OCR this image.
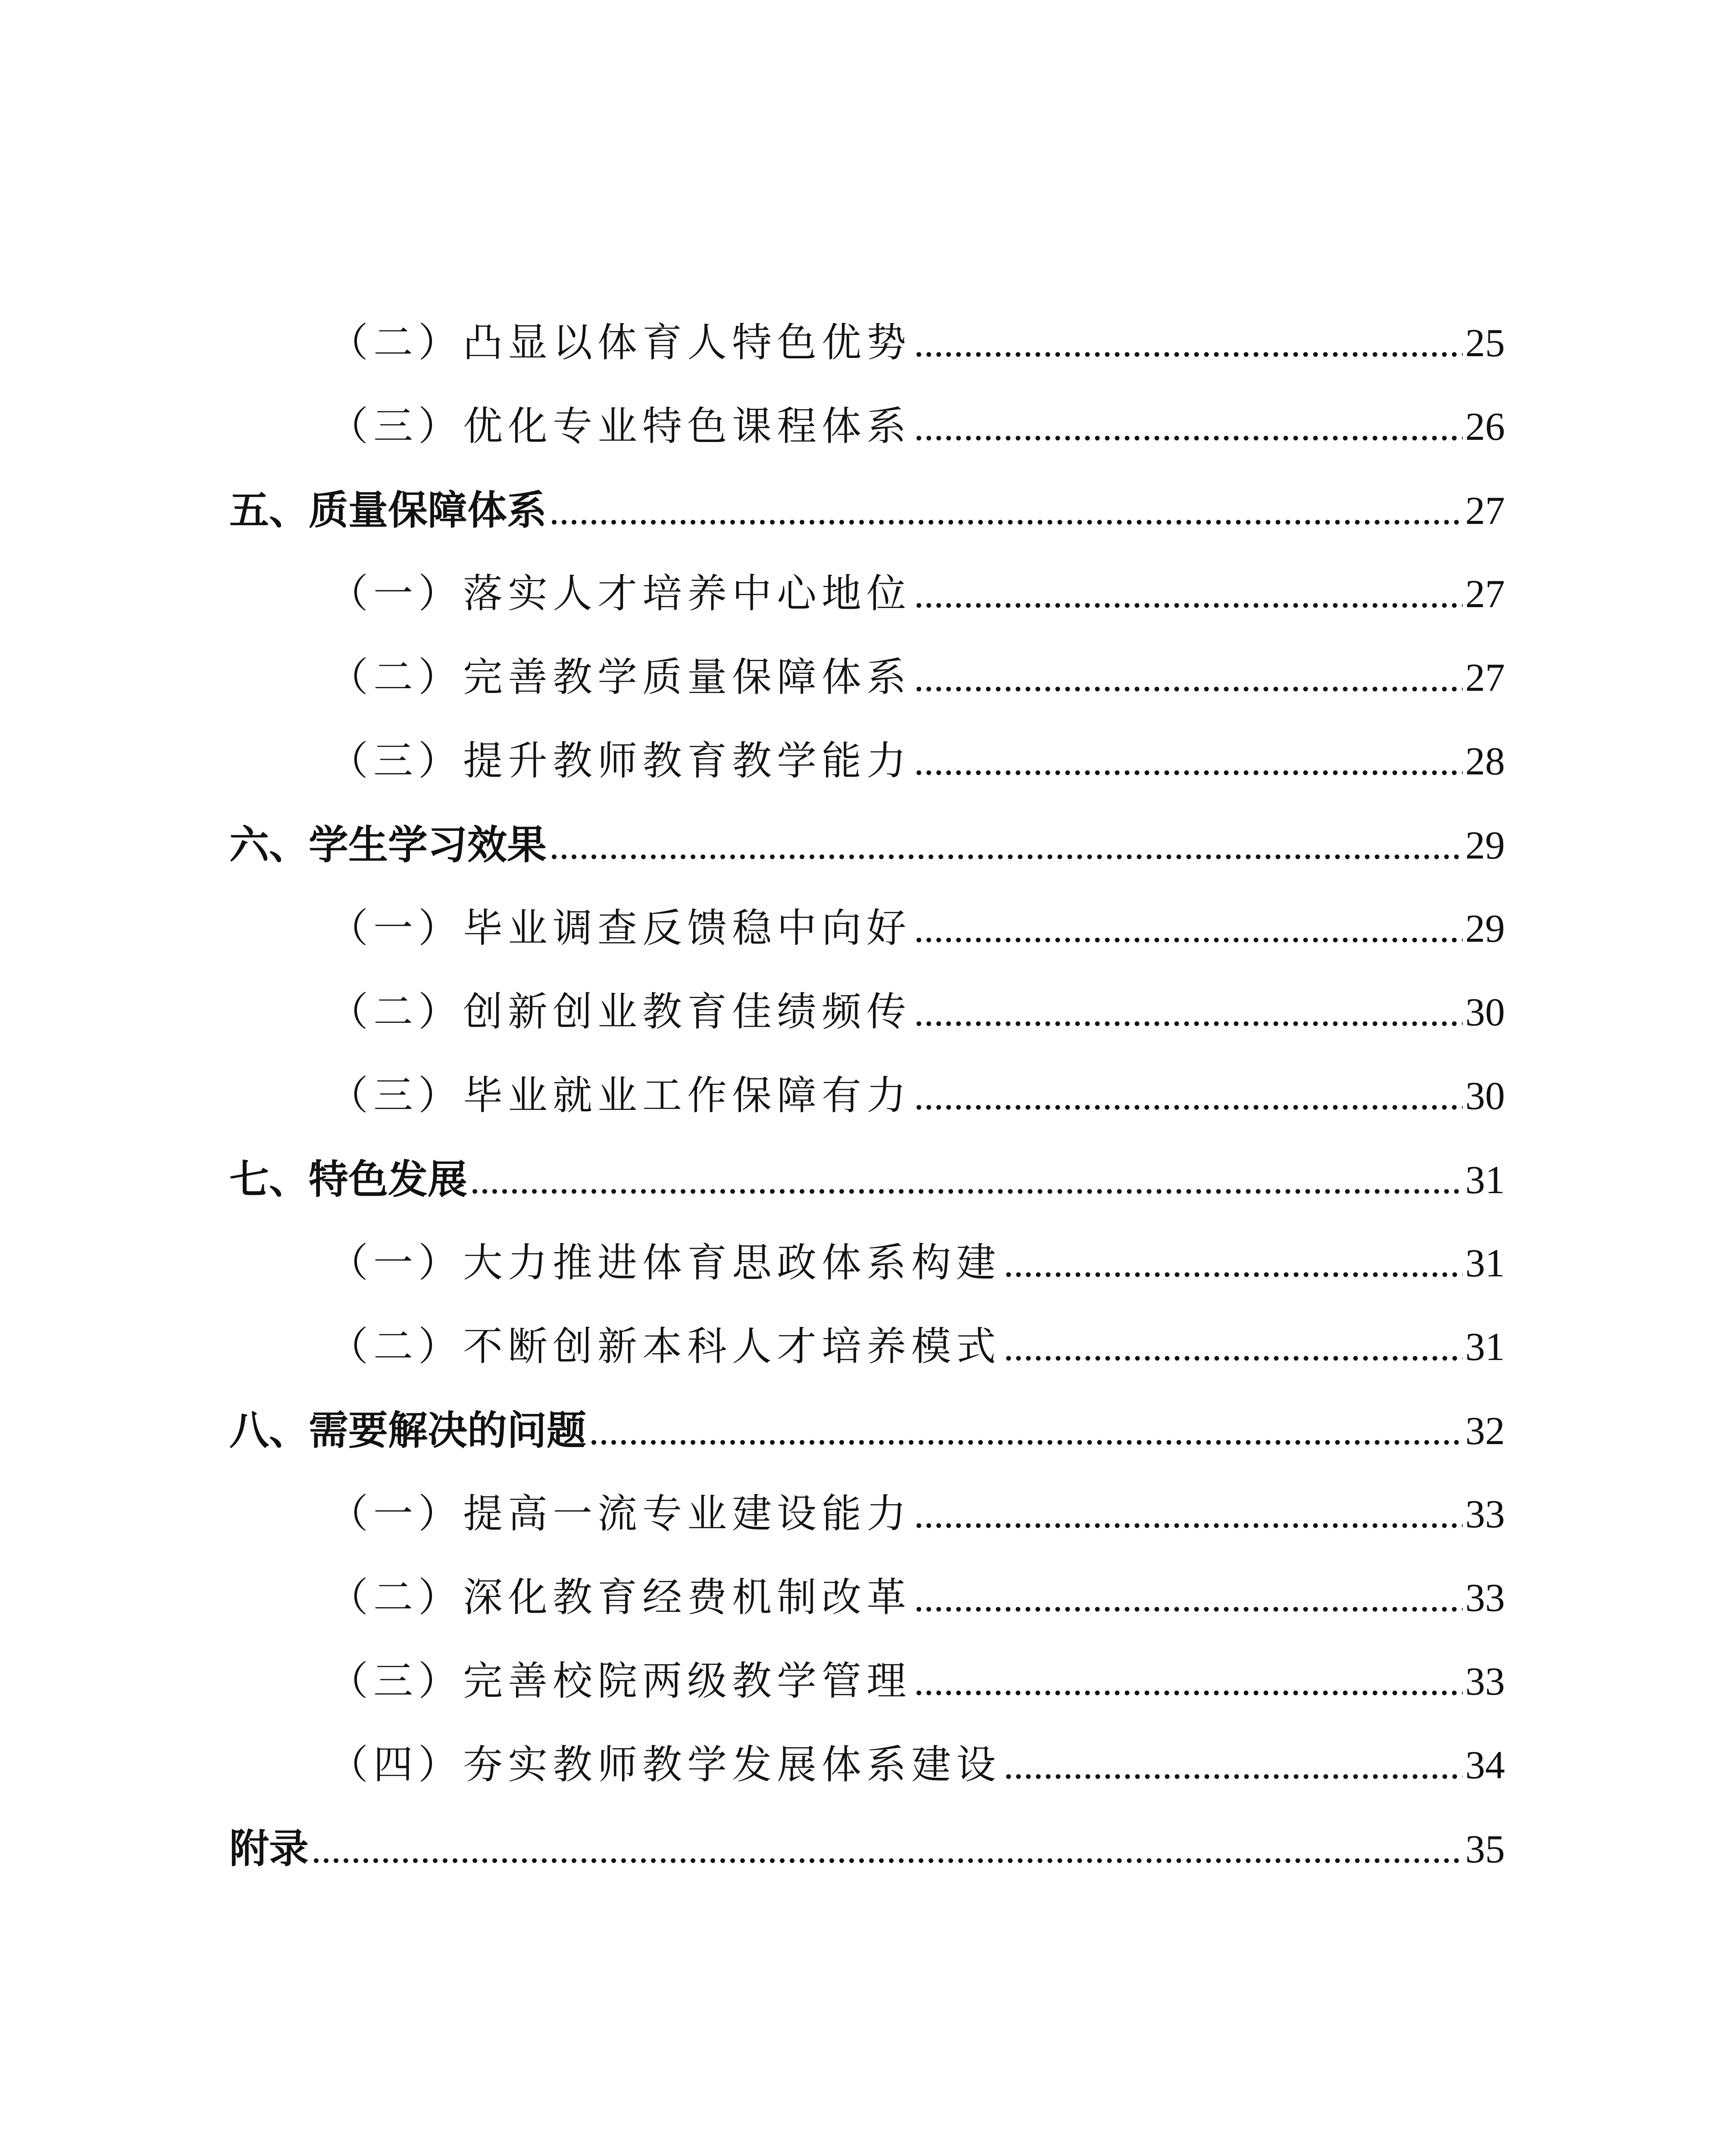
（二）凸显以体育人特色优势 .....	25
（三）优化专业特色课程体系 .....	26
五、质量保障体系 .....	27
（一）落实人才培养中心地位 .....	27
（二）完善教学质量保障体系 .....	27
（三）提升教师教育教学能力 .....	28
六、学生学习效果 .....	29
（一）毕业调查反馈稳中向好 .....	29
（二）创新创业教育佳绩频传 .....	30
（三）毕业就业工作保障有力 .....	30
七、特色发展 .....	31
（一）大力推进体育思政体系构建 .....	31
（二）不断创新本科人才培养模式 .....	31
八、需要解决的问题 .....	32
（一）提高一流专业建设能力 .....	33
（二）深化教育经费机制改革 .....	33
（三）完善校院两级教学管理 .....	33
（四）夯实教师教学发展体系建设 .....	34
附录 .....	35
